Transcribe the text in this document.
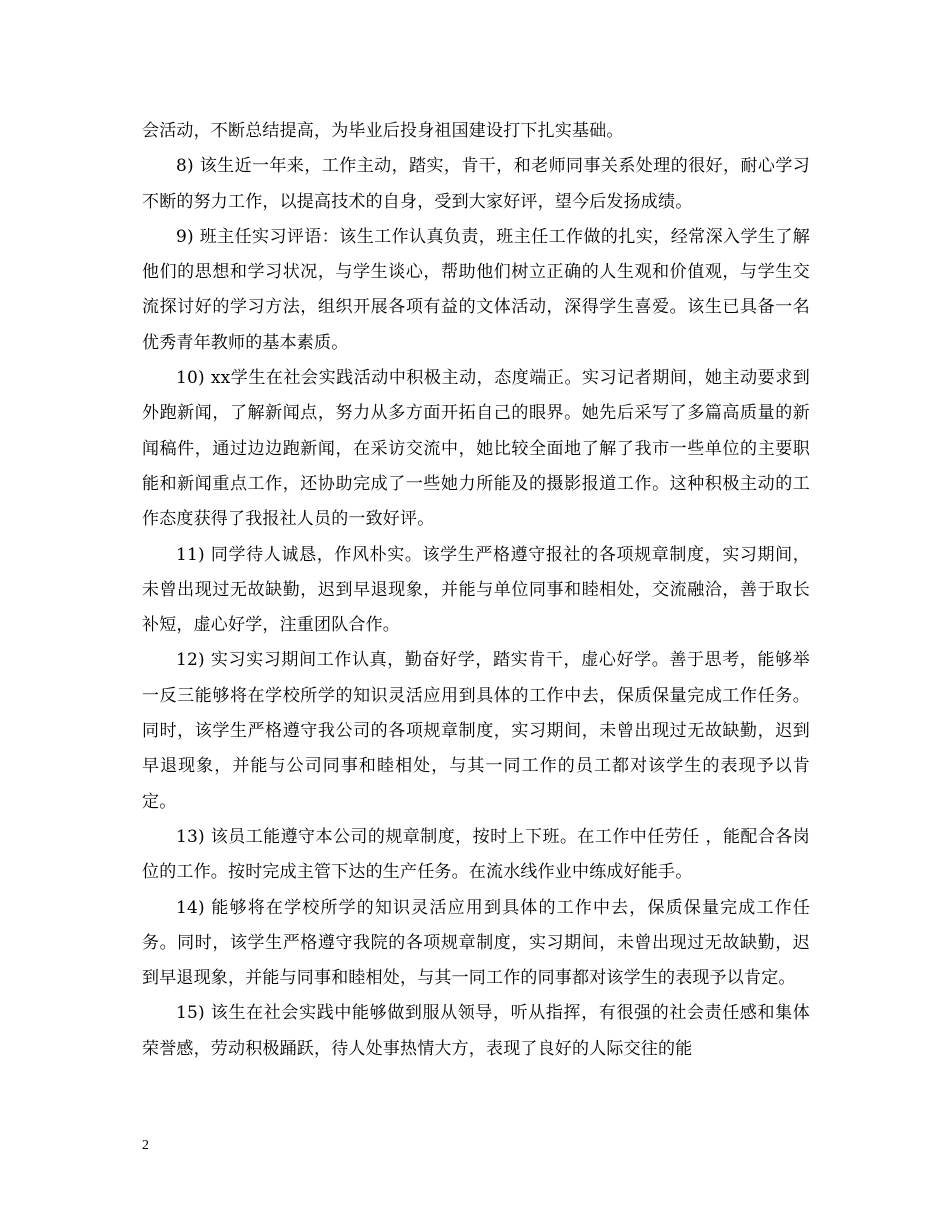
会活动，不断总结提高，为毕业后投身祖国建设打下扎实基础。

8) 该生近一年来，工作主动，踏实，肯干，和老师同事关系处理的很好，耐心学习不断的努力工作，以提高技术的自身，受到大家好评，望今后发扬成绩。

9) 班主任实习评语：该生工作认真负责，班主任工作做的扎实，经常深入学生了解他们的思想和学习状况，与学生谈心，帮助他们树立正确的人生观和价值观，与学生交流探讨好的学习方法，组织开展各项有益的文体活动，深得学生喜爱。该生已具备一名优秀青年教师的基本素质。

10) xx学生在社会实践活动中积极主动，态度端正。实习记者期间，她主动要求到外跑新闻，了解新闻点，努力从多方面开拓自己的眼界。她先后采写了多篇高质量的新闻稿件，通过边边跑新闻，在采访交流中，她比较全面地了解了我市一些单位的主要职能和新闻重点工作，还协助完成了一些她力所能及的摄影报道工作。这种积极主动的工作态度获得了我报社人员的一致好评。

11) 同学待人诚恳，作风朴实。该学生严格遵守报社的各项规章制度，实习期间，未曾出现过无故缺勤，迟到早退现象，并能与单位同事和睦相处，交流融洽，善于取长补短，虚心好学，注重团队合作。

12) 实习实习期间工作认真，勤奋好学，踏实肯干，虚心好学。善于思考，能够举一反三能够将在学校所学的知识灵活应用到具体的工作中去，保质保量完成工作任务。同时，该学生严格遵守我公司的各项规章制度，实习期间，未曾出现过无故缺勤，迟到早退现象，并能与公司同事和睦相处，与其一同工作的员工都对该学生的表现予以肯定。

13) 该员工能遵守本公司的规章制度，按时上下班。在工作中任劳任 ，能配合各岗位的工作。按时完成主管下达的生产任务。在流水线作业中练成好能手。

14) 能够将在学校所学的知识灵活应用到具体的工作中去，保质保量完成工作任务。同时，该学生严格遵守我院的各项规章制度，实习期间，未曾出现过无故缺勤，迟到早退现象，并能与同事和睦相处，与其一同工作的同事都对该学生的表现予以肯定。

15) 该生在社会实践中能够做到服从领导，听从指挥，有很强的社会责任感和集体荣誉感，劳动积极踊跃，待人处事热情大方，表现了良好的人际交往的能

2
